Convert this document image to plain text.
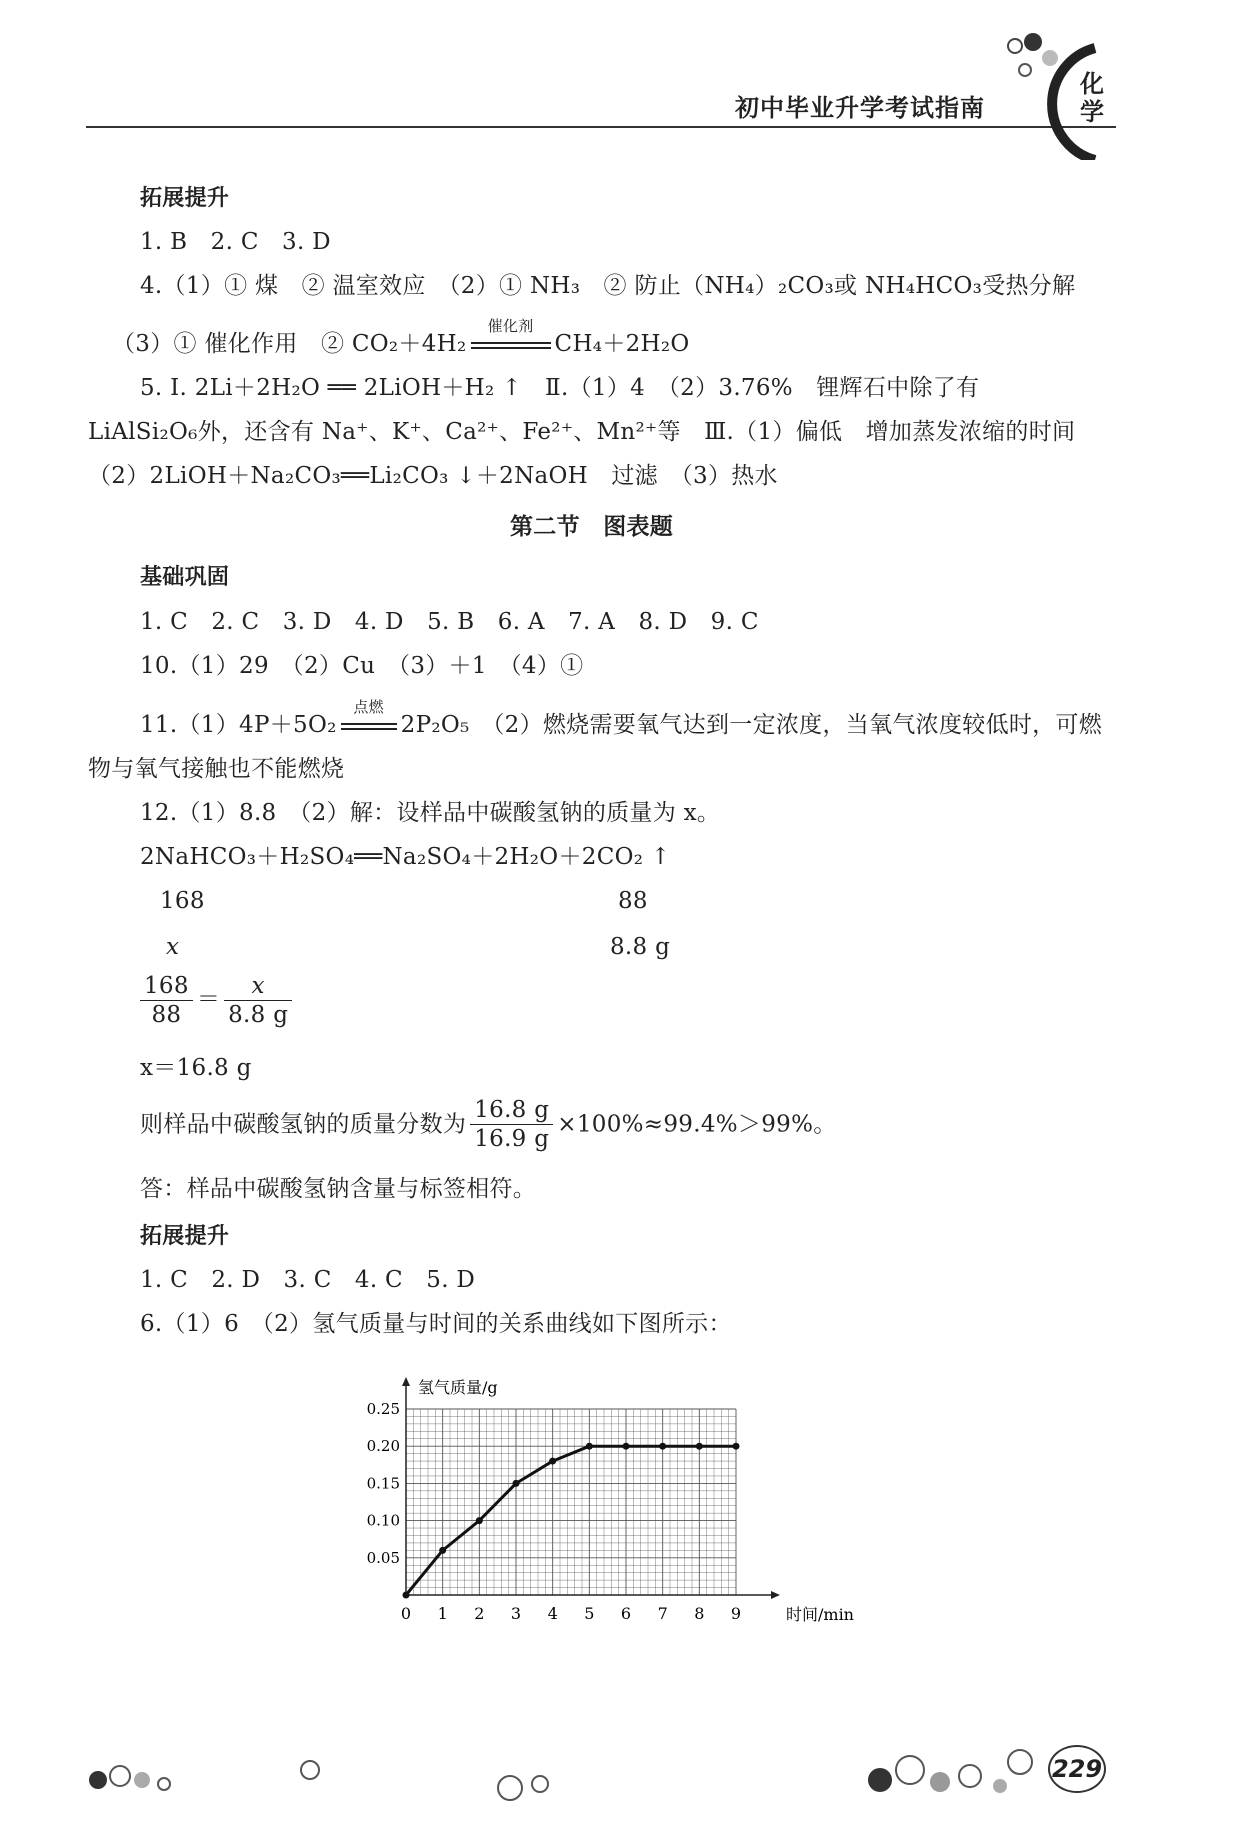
初中毕业升学考试指南
化学
拓展提升
1. B　2. C　3. D
4.（1）① 煤　② 温室效应　（2）① NH₃　② 防止（NH₄）₂CO₃或 NH₄HCO₃受热分解
（3）① 催化作用　② CO₂＋4H₂
催化剂
CH₄＋2H₂O
5. Ⅰ. 2Li＋2H₂O ══ 2LiOH＋H₂ ↑　Ⅱ.（1）4　（2）3.76%　锂辉石中除了有
LiAlSi₂O₆外，还含有 Na⁺、K⁺、Ca²⁺、Fe²⁺、Mn²⁺等　Ⅲ.（1）偏低　增加蒸发浓缩的时间
（2）2LiOH＋Na₂CO₃══Li₂CO₃ ↓＋2NaOH　过滤　（3）热水
第二节　图表题
基础巩固
1. C　2. C　3. D　4. D　5. B　6. A　7. A　8. D　9. C
10.（1）29　（2）Cu　（3）＋1　（4）①
11.（1）4P＋5O₂
点燃
2P₂O₅　（2）燃烧需要氧气达到一定浓度，当氧气浓度较低时，可燃
物与氧气接触也不能燃烧
12.（1）8.8　（2）解：设样品中碳酸氢钠的质量为 x。
2NaHCO₃＋H₂SO₄══Na₂SO₄＋2H₂O＋2CO₂ ↑
168	88
x	8.8 g
$\frac{168}{88} = \frac{x}{8.8 g}$
x＝16.8 g
则样品中碳酸氢钠的质量分数为 $\frac{16.8 g}{16.9 g} \times 100\%\approx 99.4\%>99\%$。
答：样品中碳酸氢钠含量与标签相符。
拓展提升
1. C　2. D　3. C　4. C　5. D
6.（1）6　（2）氢气质量与时间的关系曲线如下图所示：
氢气质量/g
时间/min
0 1 2 3 4 5 6 7 8 9
0.05
0.10
0.15
0.20
0.25
229
